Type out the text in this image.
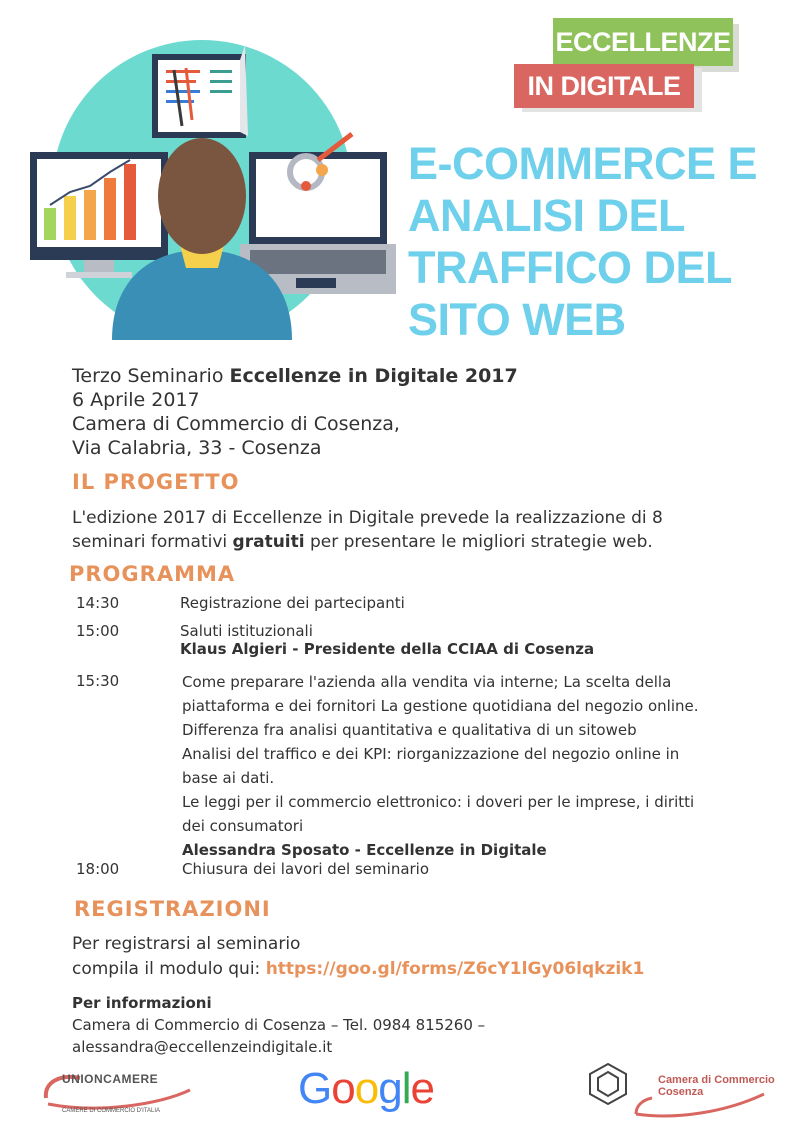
ECCELLENZE
IN DIGITALE
E-COMMERCE E
ANALISI DEL
TRAFFICO DEL
SITO WEB
Terzo Seminario Eccellenze in Digitale 2017
6 Aprile 2017
Camera di Commercio di Cosenza,
Via Calabria, 33 - Cosenza
IL PROGETTO
L'edizione 2017 di Eccellenze in Digitale prevede la realizzazione di 8
seminari formativi gratuiti per presentare le migliori strategie web.
PROGRAMMA
14:30	Registrazione dei partecipanti
15:00	Saluti istituzionali
Klaus Algieri - Presidente della CCIAA di Cosenza
15:30	Come preparare l'azienda alla vendita via interne; La scelta della
piattaforma e dei fornitori La gestione quotidiana del negozio online.
Differenza fra analisi quantitativa e qualitativa di un sitoweb
Analisi del traffico e dei KPI: riorganizzazione del negozio online in
base ai dati.
Le leggi per il commercio elettronico: i doveri per le imprese, i diritti
dei consumatori
Alessandra Sposato - Eccellenze in Digitale
18:00	Chiusura dei lavori del seminario
REGISTRAZIONI
Per registrarsi al seminario
compila il modulo qui: https://goo.gl/forms/Z6cY1lGy06lqkzik1
Per informazioni
Camera di Commercio di Cosenza – Tel. 0984 815260 –
alessandra@eccellenzeindigitale.it
UNIONCAMERE
CAMERE DI COMMERCIO D'ITALIA	Google	Camera di Commercio
Cosenza
